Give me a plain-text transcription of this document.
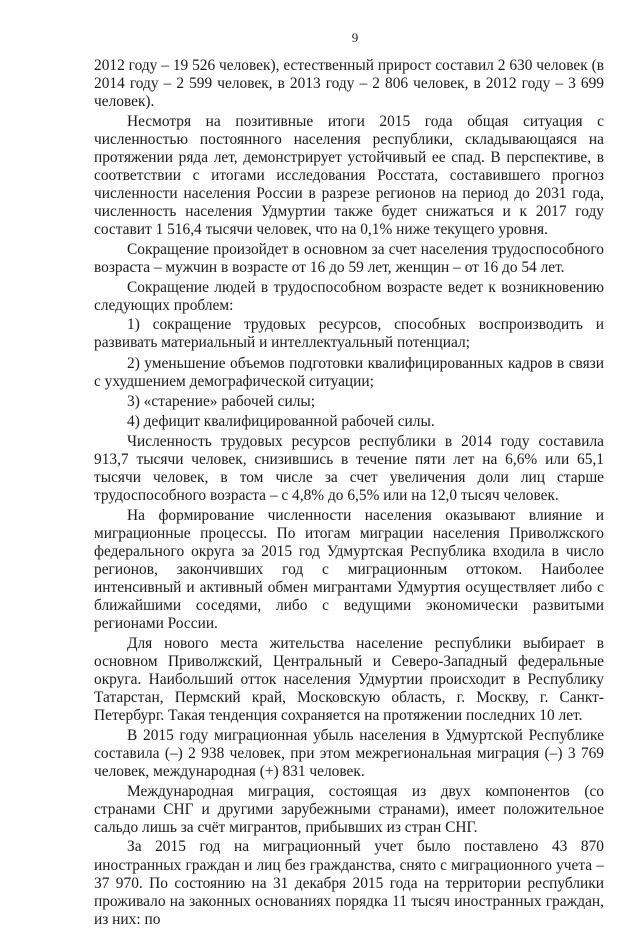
9

2012 году – 19 526 человек), естественный прирост составил 2 630 человек (в 2014 году – 2 599 человек, в 2013 году – 2 806 человек, в 2012 году – 3 699 человек).

Несмотря на позитивные итоги 2015 года общая ситуация с численностью постоянного населения республики, складывающаяся на протяжении ряда лет, демонстрирует устойчивый ее спад. В перспективе, в соответствии с итогами исследования Росстата, составившего прогноз численности населения России в разрезе регионов на период до 2031 года, численность населения Удмуртии также будет снижаться и к 2017 году составит 1 516,4 тысячи человек, что на 0,1% ниже текущего уровня.

Сокращение произойдет в основном за счет населения трудоспособного возраста – мужчин в возрасте от 16 до 59 лет, женщин – от 16 до 54 лет.

Сокращение людей в трудоспособном возрасте ведет к возникновению следующих проблем:

1) сокращение трудовых ресурсов, способных воспроизводить и развивать материальный и интеллектуальный потенциал;
2) уменьшение объемов подготовки квалифицированных кадров в связи с ухудшением демографической ситуации;
3) «старение» рабочей силы;
4) дефицит квалифицированной рабочей силы.

Численность трудовых ресурсов республики в 2014 году составила 913,7 тысячи человек, снизившись в течение пяти лет на 6,6% или 65,1 тысячи человек, в том числе за счет увеличения доли лиц старше трудоспособного возраста – с 4,8% до 6,5% или на 12,0 тысяч человек.

На формирование численности населения оказывают влияние и миграционные процессы. По итогам миграции населения Приволжского федерального округа за 2015 год Удмуртская Республика входила в число регионов, закончивших год с миграционным оттоком. Наиболее интенсивный и активный обмен мигрантами Удмуртия осуществляет либо с ближайшими соседями, либо с ведущими экономически развитыми регионами России.

Для нового места жительства население республики выбирает в основном Приволжский, Центральный и Северо-Западный федеральные округа. Наибольший отток населения Удмуртии происходит в Республику Татарстан, Пермский край, Московскую область, г. Москву, г. Санкт-Петербург. Такая тенденция сохраняется на протяжении последних 10 лет.

В 2015 году миграционная убыль населения в Удмуртской Республике составила (–) 2 938 человек, при этом межрегиональная миграция (–) 3 769 человек, международная (+) 831 человек.

Международная миграция, состоящая из двух компонентов (со странами СНГ и другими зарубежными странами), имеет положительное сальдо лишь за счёт мигрантов, прибывших из стран СНГ.

За 2015 год на миграционный учет было поставлено 43 870 иностранных граждан и лиц без гражданства, снято с миграционного учета – 37 970. По состоянию на 31 декабря 2015 года на территории республики проживало на законных основаниях порядка 11 тысяч иностранных граждан, из них: по
